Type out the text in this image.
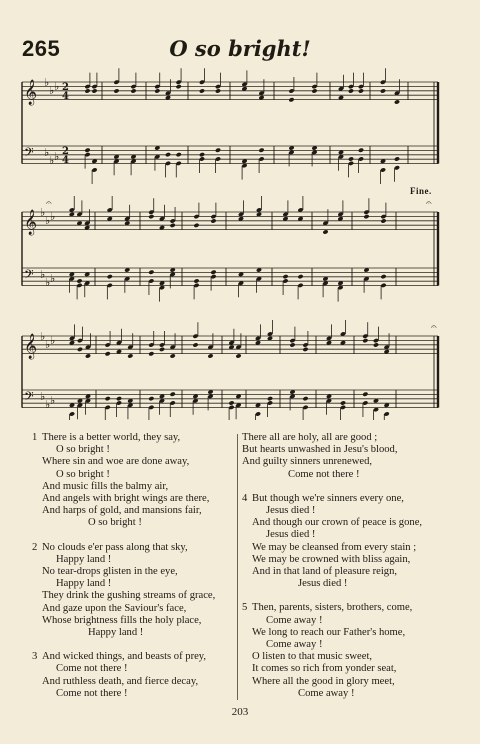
265	O so bright!
♭
♭ ♭
𝄞 2
4
♭
♭ ♭
𝄢	2
4
♭
♭ ♭
𝄞
♭
♭ ♭
𝄢
♭
♭ ♭
𝄞
♭
♭ ♭
𝄢
𝄐	𝄐
𝄐
Fine.
1 There is a better world, they say,
O so bright !
Where sin and woe are done away,
O so bright !
And music fills the balmy air,
And angels with bright wings are there,
And harps of gold, and mansions fair,
O so bright !
2 No clouds e'er pass along that sky,
Happy land !
No tear-drops glisten in the eye,
Happy land !
They drink the gushing streams of grace,
And gaze upon the Saviour's face,
Whose brightness fills the holy place,
Happy land !
3 And wicked things, and beasts of prey,
Come not there !
And ruthless death, and fierce decay,
Come not there !
There all are holy, all are good ;
But hearts unwashed in Jesu's blood,
And guilty sinners unrenewed,
Come not there !
4 But though we're sinners every one,
Jesus died !
And though our crown of peace is gone,
Jesus died !
We may be cleansed from every stain ;
We may be crowned with bliss again,
And in that land of pleasure reign,
Jesus died !
5 Then, parents, sisters, brothers, come,
Come away !
We long to reach our Father's home,
Come away !
O listen to that music sweet,
It comes so rich from yonder seat,
Where all the good in glory meet,
Come away !
203
